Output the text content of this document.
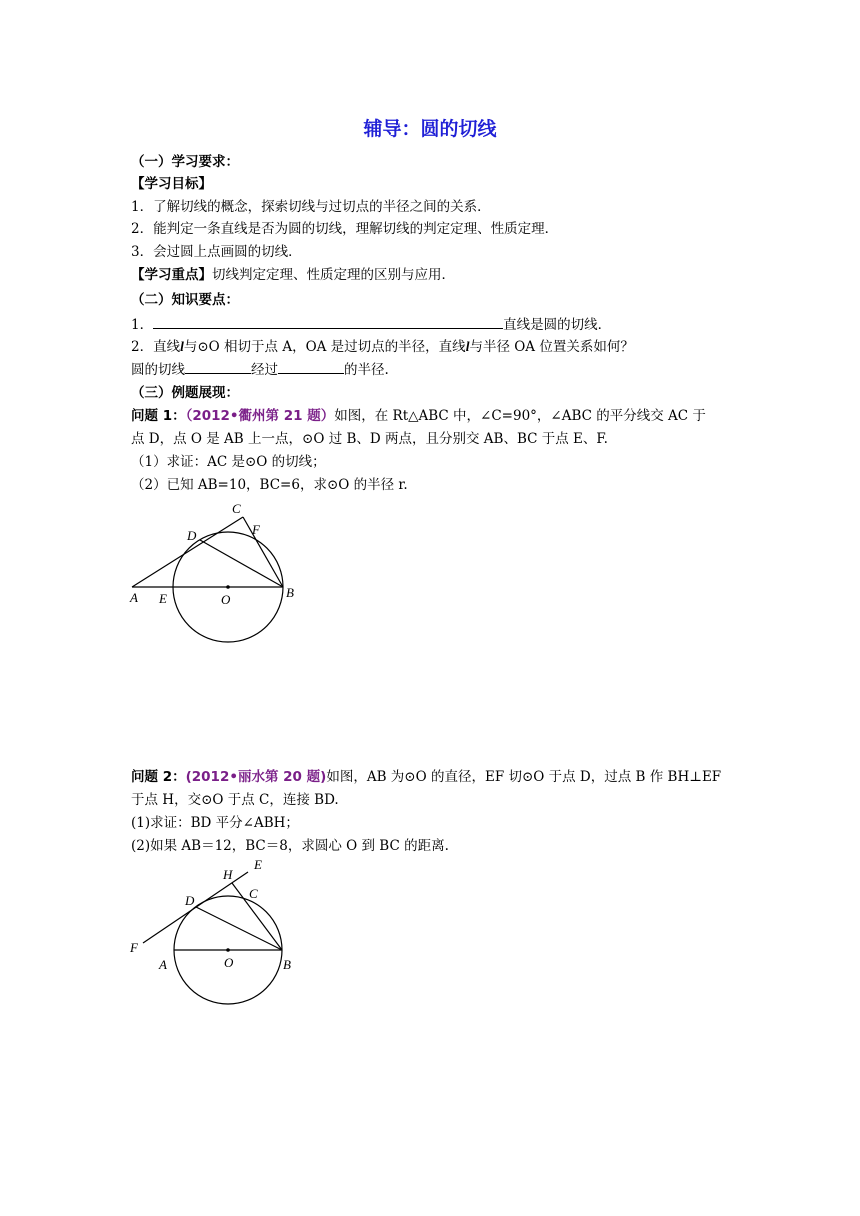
辅导：圆的切线
（一）学习要求：
【学习目标】
1．了解切线的概念，探索切线与过切点的半径之间的关系．
2．能判定一条直线是否为圆的切线，理解切线的判定定理、性质定理．
3．会过圆上点画圆的切线．
【学习重点】切线判定定理、性质定理的区别与应用．
（二）知识要点：
1．	直线是圆的切线．
2．直线l与⊙O 相切于点 A，OA 是过切点的半径，直线l与半径 OA 位置关系如何？
圆的切线	经过	的半径.
（三）例题展现：
问题 1：（2012•衢州第 21 题）如图，在 Rt△ABC 中，∠C=90°，∠ABC 的平分线交 AC 于
点 D，点 O 是 AB 上一点，⊙O 过 B、D 两点，且分别交 AB、BC 于点 E、F.
（1）求证：AC 是⊙O 的切线；
（2）已知 AB=10，BC=6，求⊙O 的半径 r.
A	B
C
D
E
F
O
问题 2：(2012•丽水第 20 题)如图，AB 为⊙O 的直径，EF 切⊙O 于点 D，过点 B 作 BH⊥EF
于点 H，交⊙O 于点 C，连接 BD.
(1)求证：BD 平分∠ABH；
(2)如果 AB＝12，BC＝8，求圆心 O 到 BC 的距离.
F
A	O	B
D
H
C
E
